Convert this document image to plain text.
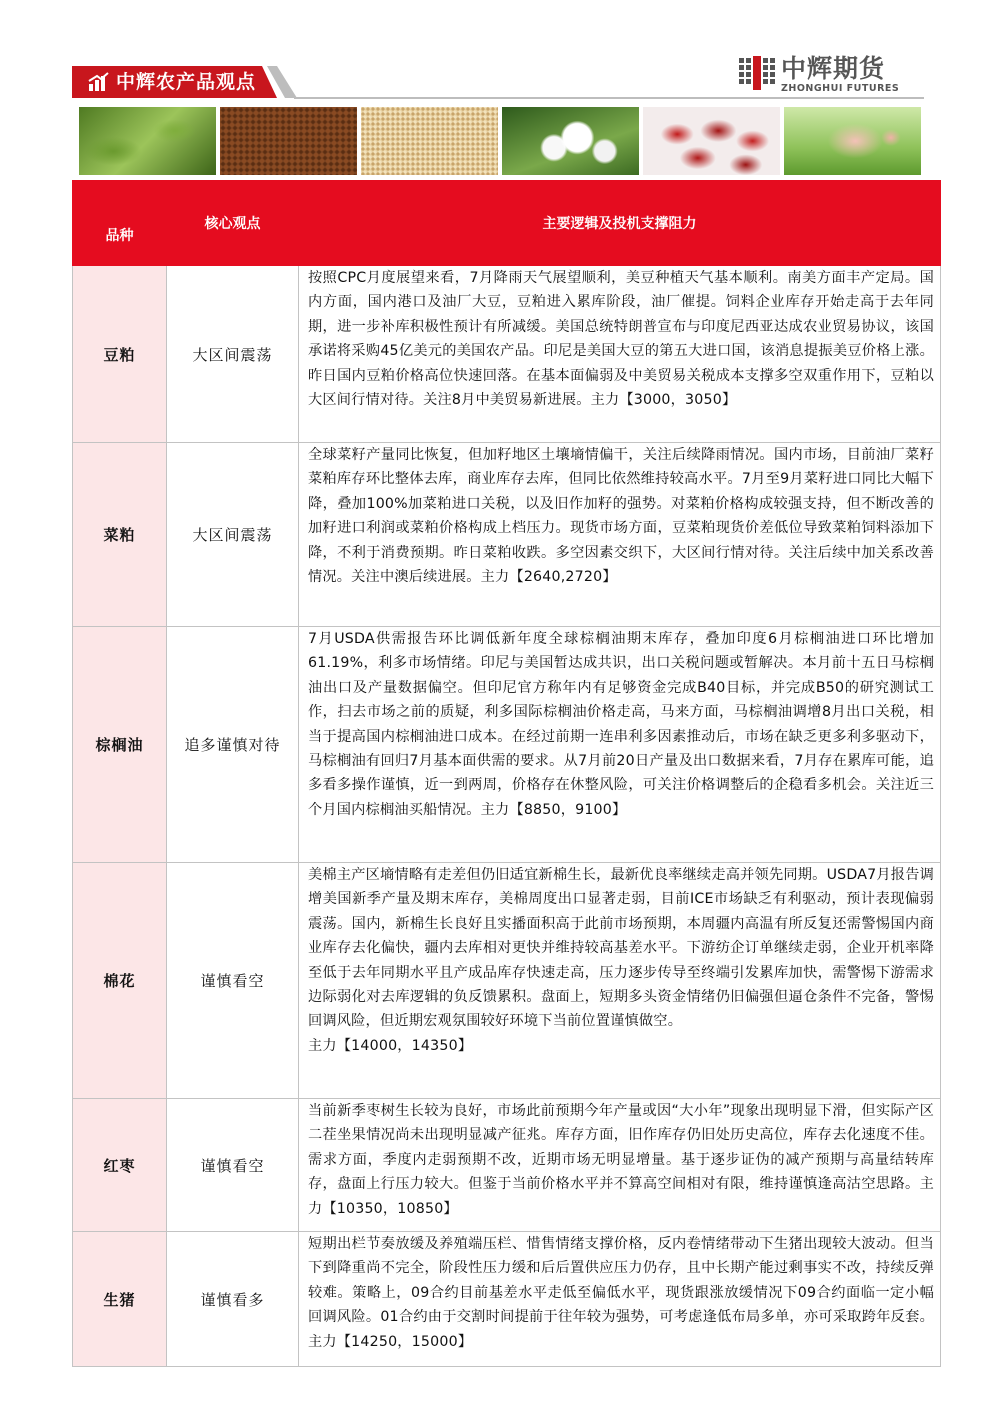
中辉农产品观点	中辉期货
ZHONGHUI FUTURES
品种	核心观点	主要逻辑及投机支撑阻力

豆粕	大区间震荡	按照CPC月度展望来看，7月降雨天气展望顺利，美豆种植天气基本顺利。南美方面丰产定局。国内方面，国内港口及油厂大豆，豆粕进入累库阶段，油厂催提。饲料企业库存开始走高于去年同期，进一步补库积极性预计有所减缓。美国总统特朗普宣布与印度尼西亚达成农业贸易协议，该国承诺将采购45亿美元的美国农产品。印尼是美国大豆的第五大进口国，该消息提振美豆价格上涨。昨日国内豆粕价格高位快速回落。在基本面偏弱及中美贸易关税成本支撑多空双重作用下，豆粕以大区间行情对待。关注8月中美贸易新进展。主力【3000，3050】

菜粕	大区间震荡	全球菜籽产量同比恢复，但加籽地区土壤墒情偏干，关注后续降雨情况。国内市场，目前油厂菜籽菜粕库存环比整体去库，商业库存去库，但同比依然维持较高水平。7月至9月菜籽进口同比大幅下降，叠加100%加菜粕进口关税，以及旧作加籽的强势。对菜粕价格构成较强支持，但不断改善的加籽进口利润或菜粕价格构成上档压力。现货市场方面，豆菜粕现货价差低位导致菜粕饲料添加下降，不利于消费预期。昨日菜粕收跌。多空因素交织下，大区间行情对待。关注后续中加关系改善情况。关注中澳后续进展。主力【2640,2720】

棕榈油	追多谨慎对待	7月USDA供需报告环比调低新年度全球棕榈油期末库存，叠加印度6月棕榈油进口环比增加61.19%，利多市场情绪。印尼与美国暂达成共识，出口关税问题或暂解决。本月前十五日马棕榈油出口及产量数据偏空。但印尼官方称年内有足够资金完成B40目标，并完成B50的研究测试工作，扫去市场之前的质疑，利多国际棕榈油价格走高，马来方面，马棕榈油调增8月出口关税，相当于提高国内棕榈油进口成本。在经过前期一连串利多因素推动后，市场在缺乏更多利多驱动下，马棕榈油有回归7月基本面供需的要求。从7月前20日产量及出口数据来看，7月存在累库可能，追多看多操作谨慎，近一到两周，价格存在休整风险，可关注价格调整后的企稳看多机会。关注近三个月国内棕榈油买船情况。主力【8850，9100】

棉花	谨慎看空	美棉主产区墒情略有走差但仍旧适宜新棉生长，最新优良率继续走高并领先同期。USDA7月报告调增美国新季产量及期末库存，美棉周度出口显著走弱，目前ICE市场缺乏有利驱动，预计表现偏弱震荡。国内，新棉生长良好且实播面积高于此前市场预期，本周疆内高温有所反复还需警惕国内商业库存去化偏快，疆内去库相对更快并维持较高基差水平。下游纺企订单继续走弱，企业开机率降至低于去年同期水平且产成品库存快速走高，压力逐步传导至终端引发累库加快，需警惕下游需求边际弱化对去库逻辑的负反馈累积。盘面上，短期多头资金情绪仍旧偏强但逼仓条件不完备，警惕回调风险，但近期宏观氛围较好环境下当前位置谨慎做空。
主力【14000，14350】

红枣	谨慎看空	当前新季枣树生长较为良好，市场此前预期今年产量或因“大小年”现象出现明显下滑，但实际产区二茬坐果情况尚未出现明显减产征兆。库存方面，旧作库存仍旧处历史高位，库存去化速度不佳。需求方面，季度内走弱预期不改，近期市场无明显增量。基于逐步证伪的减产预期与高量结转库存，盘面上行压力较大。但鉴于当前价格水平并不算高空间相对有限，维持谨慎逢高沽空思路。主力【10350，10850】

生猪	谨慎看多	短期出栏节奏放缓及养殖端压栏、惜售情绪支撑价格，反内卷情绪带动下生猪出现较大波动。但当下到降重尚不完全，阶段性压力缓和后后置供应压力仍存，且中长期产能过剩事实不改，持续反弹较难。策略上，09合约目前基差水平走低至偏低水平，现货跟涨放缓情况下09合约面临一定小幅回调风险。01合约由于交割时间提前于往年较为强势，可考虑逢低布局多单，亦可采取跨年反套。主力【14250，15000】
